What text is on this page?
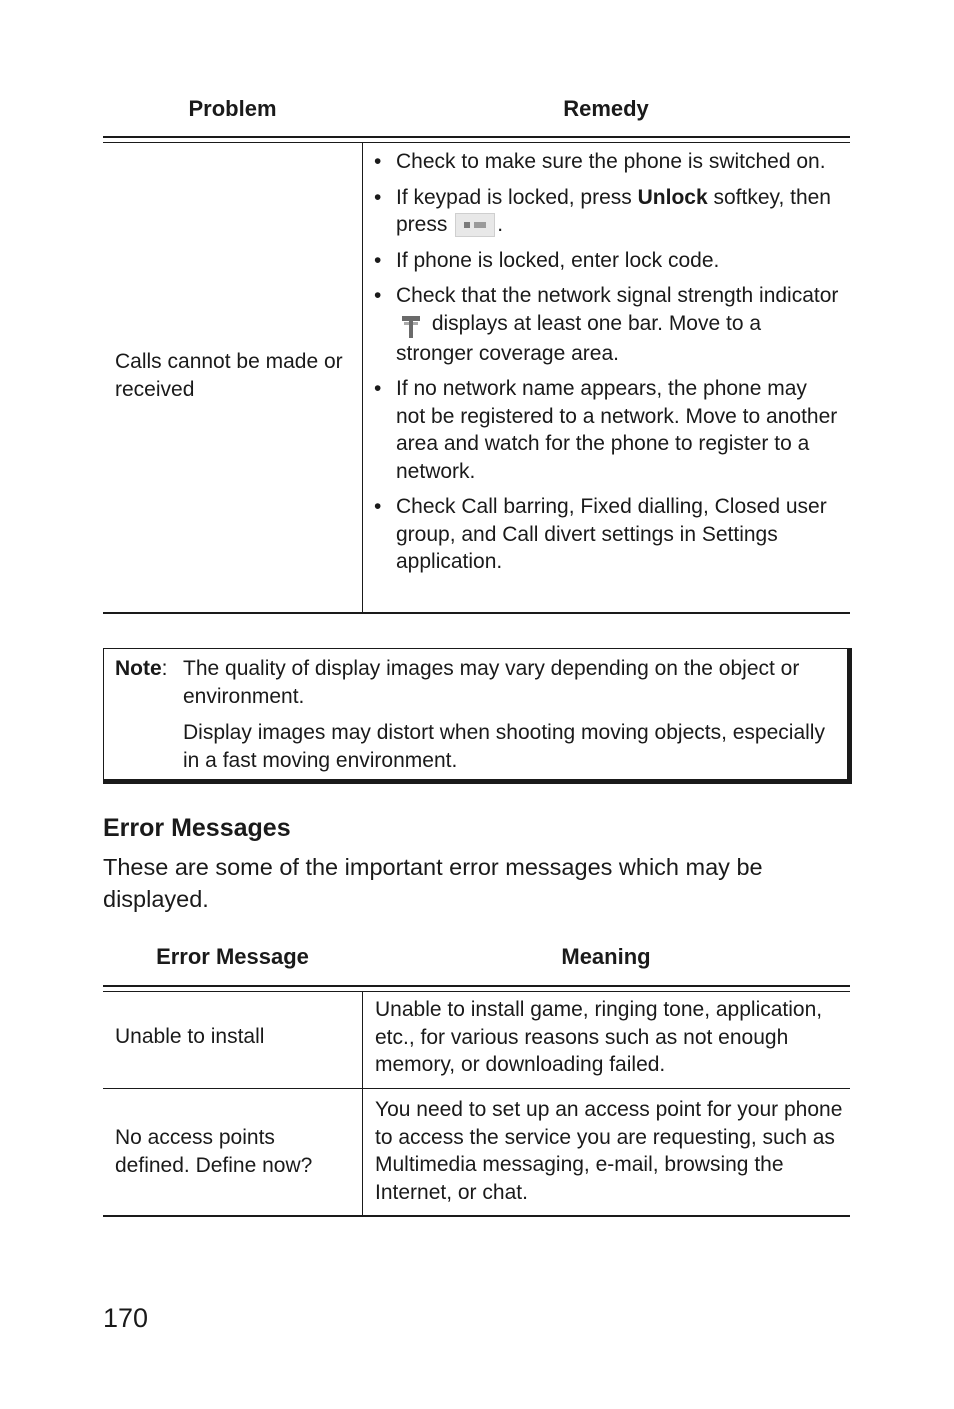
Problem	Remedy
Calls cannot be made or received
• Check to make sure the phone is switched on.
• If keypad is locked, press Unlock softkey, then press .
• If phone is locked, enter lock code.
• Check that the network signal strength indicator
displays at least one bar. Move to a stronger coverage area.
• If no network name appears, the phone may not be registered to a network. Move to another area and watch for the phone to register to a network.
• Check Call barring, Fixed dialling, Closed user group, and Call divert settings in Settings application.
Note: The quality of display images may vary depending on the object or environment.
Display images may distort when shooting moving objects, especially in a fast moving environment.
Error Messages
These are some of the important error messages which may be displayed.
Error Message	Meaning
Unable to install
Unable to install game, ringing tone, application, etc., for various reasons such as not enough memory, or downloading failed.
No access points defined. Define now?
You need to set up an access point for your phone to access the service you are requesting, such as Multimedia messaging, e-mail, browsing the Internet, or chat.
170
